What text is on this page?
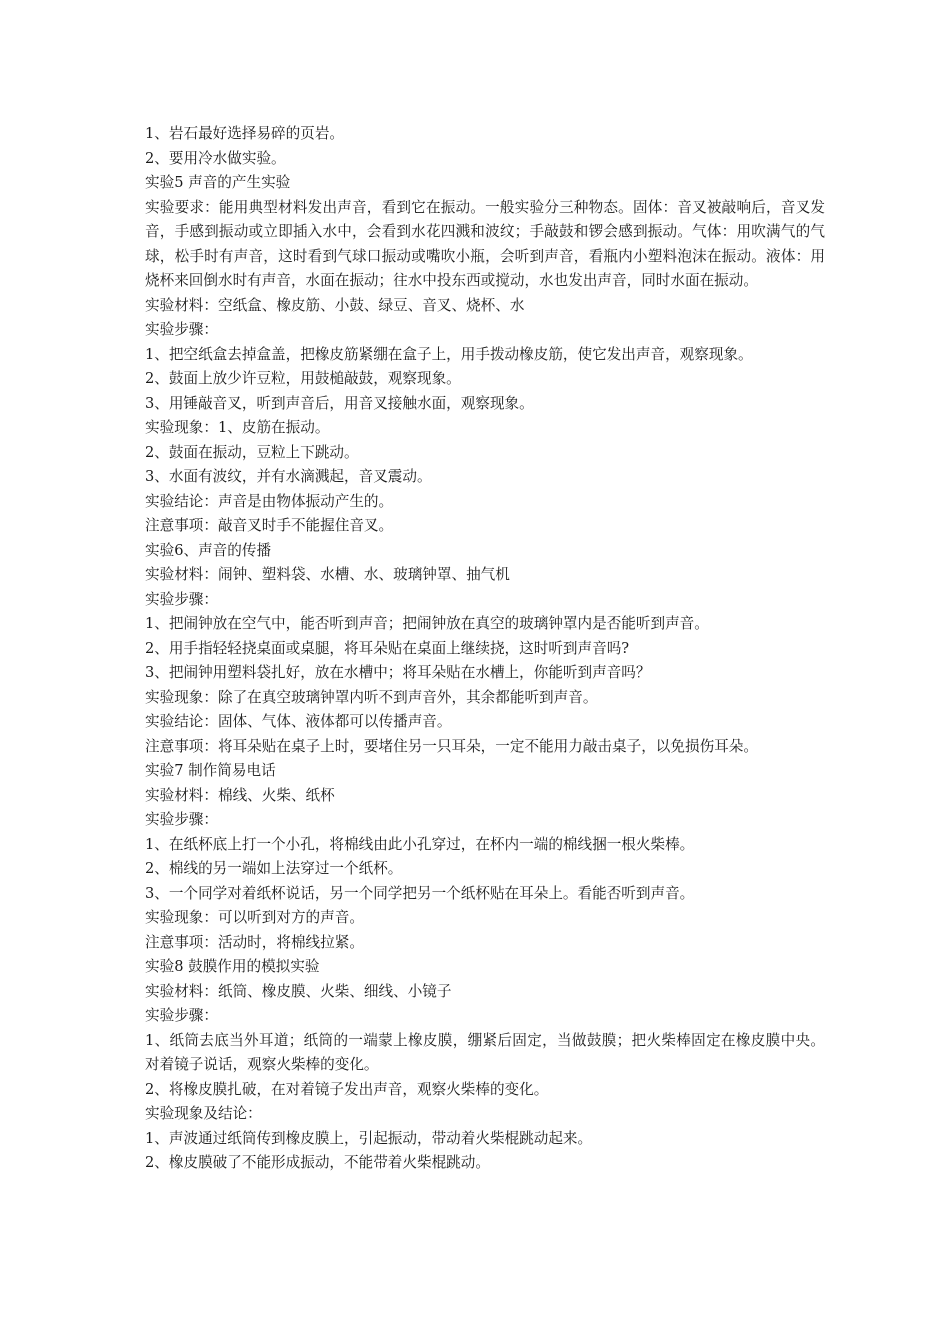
1、岩石最好选择易碎的页岩。
2、要用冷水做实验。
实验5 声音的产生实验
实验要求：能用典型材料发出声音，看到它在振动。一般实验分三种物态。固体：音叉被敲响后，音叉发音，手感到振动或立即插入水中，会看到水花四溅和波纹；手敲鼓和锣会感到振动。气体：用吹满气的气球，松手时有声音，这时看到气球口振动或嘴吹小瓶，会听到声音，看瓶内小塑料泡沫在振动。液体：用烧杯来回倒水时有声音，水面在振动；往水中投东西或搅动，水也发出声音，同时水面在振动。
实验材料：空纸盒、橡皮筋、小鼓、绿豆、音叉、烧杯、水
实验步骤：
1、把空纸盒去掉盒盖，把橡皮筋紧绷在盒子上，用手拨动橡皮筋，使它发出声音，观察现象。
2、鼓面上放少许豆粒，用鼓槌敲鼓，观察现象。
3、用锤敲音叉，听到声音后，用音叉接触水面，观察现象。
实验现象：1、皮筋在振动。
2、鼓面在振动，豆粒上下跳动。
3、水面有波纹，并有水滴溅起，音叉震动。
实验结论：声音是由物体振动产生的。
注意事项：敲音叉时手不能握住音叉。
实验6、声音的传播
实验材料：闹钟、塑料袋、水槽、水、玻璃钟罩、抽气机
实验步骤：
1、把闹钟放在空气中，能否听到声音；把闹钟放在真空的玻璃钟罩内是否能听到声音。
2、用手指轻轻挠桌面或桌腿，将耳朵贴在桌面上继续挠，这时听到声音吗?
3、把闹钟用塑料袋扎好，放在水槽中；将耳朵贴在水槽上，你能听到声音吗？
实验现象：除了在真空玻璃钟罩内听不到声音外，其余都能听到声音。
实验结论：固体、气体、液体都可以传播声音。
注意事项：将耳朵贴在桌子上时，要堵住另一只耳朵，一定不能用力敲击桌子，以免损伤耳朵。
实验7 制作简易电话
实验材料：棉线、火柴、纸杯
实验步骤：
1、在纸杯底上打一个小孔，将棉线由此小孔穿过，在杯内一端的棉线捆一根火柴棒。
2、棉线的另一端如上法穿过一个纸杯。
3、一个同学对着纸杯说话，另一个同学把另一个纸杯贴在耳朵上。看能否听到声音。
实验现象：可以听到对方的声音。
注意事项：活动时，将棉线拉紧。
实验8 鼓膜作用的模拟实验
实验材料：纸筒、橡皮膜、火柴、细线、小镜子
实验步骤：
1、纸筒去底当外耳道；纸筒的一端蒙上橡皮膜，绷紧后固定，当做鼓膜；把火柴棒固定在橡皮膜中央。对着镜子说话，观察火柴棒的变化。
2、将橡皮膜扎破，在对着镜子发出声音，观察火柴棒的变化。
实验现象及结论：
1、声波通过纸筒传到橡皮膜上，引起振动，带动着火柴棍跳动起来。
2、橡皮膜破了不能形成振动，不能带着火柴棍跳动。
